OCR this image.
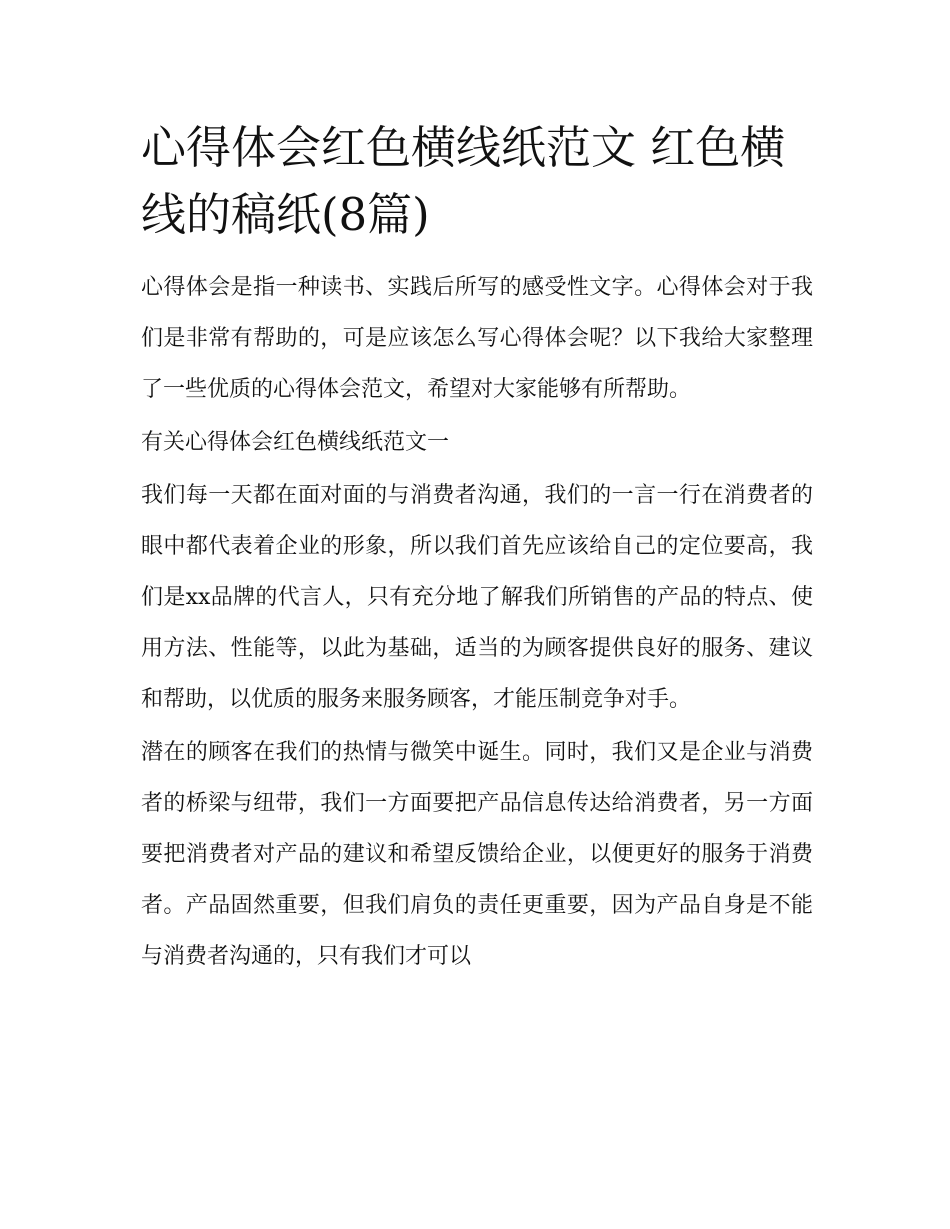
心得体会红色横线纸范文 红色横线的稿纸(8篇)

心得体会是指一种读书、实践后所写的感受性文字。心得体会对于我们是非常有帮助的，可是应该怎么写心得体会呢？以下我给大家整理了一些优质的心得体会范文，希望对大家能够有所帮助。

有关心得体会红色横线纸范文一

我们每一天都在面对面的与消费者沟通，我们的一言一行在消费者的眼中都代表着企业的形象，所以我们首先应该给自己的定位要高，我们是xx品牌的代言人，只有充分地了解我们所销售的产品的特点、使用方法、性能等，以此为基础，适当的为顾客提供良好的服务、建议和帮助，以优质的服务来服务顾客，才能压制竞争对手。

潜在的顾客在我们的热情与微笑中诞生。同时，我们又是企业与消费者的桥梁与纽带，我们一方面要把产品信息传达给消费者，另一方面要把消费者对产品的建议和希望反馈给企业，以便更好的服务于消费者。产品固然重要，但我们肩负的责任更重要，因为产品自身是不能与消费者沟通的，只有我们才可以
